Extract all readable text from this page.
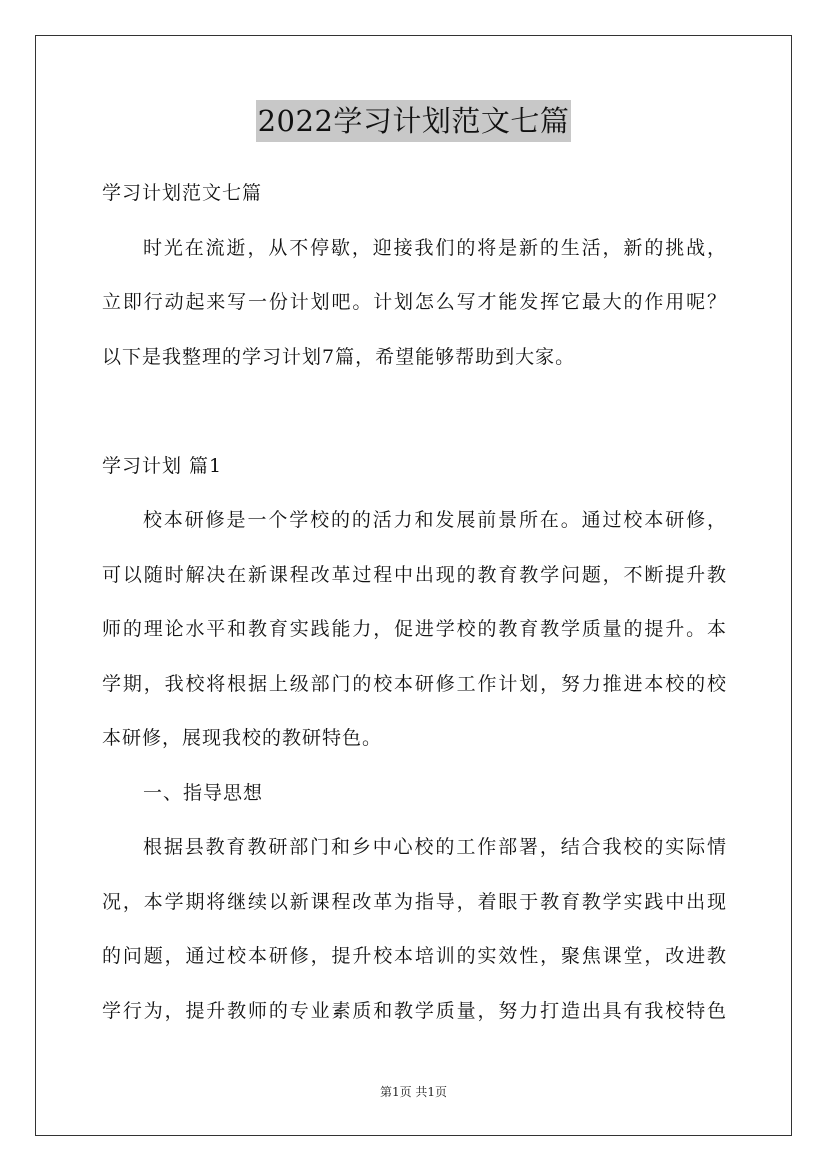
2022学习计划范文七篇
学习计划范文七篇
时光在流逝，从不停歇，迎接我们的将是新的生活，新的挑战，
立即行动起来写一份计划吧。计划怎么写才能发挥它最大的作用呢？
以下是我整理的学习计划7篇，希望能够帮助到大家。
学习计划 篇1
校本研修是一个学校的的活力和发展前景所在。通过校本研修，
可以随时解决在新课程改革过程中出现的教育教学问题，不断提升教
师的理论水平和教育实践能力，促进学校的教育教学质量的提升。本
学期，我校将根据上级部门的校本研修工作计划，努力推进本校的校
本研修，展现我校的教研特色。
一、指导思想
根据县教育教研部门和乡中心校的工作部署，结合我校的实际情
况，本学期将继续以新课程改革为指导，着眼于教育教学实践中出现
的问题，通过校本研修，提升校本培训的实效性，聚焦课堂，改进教
学行为，提升教师的专业素质和教学质量，努力打造出具有我校特色
第1页 共1页
